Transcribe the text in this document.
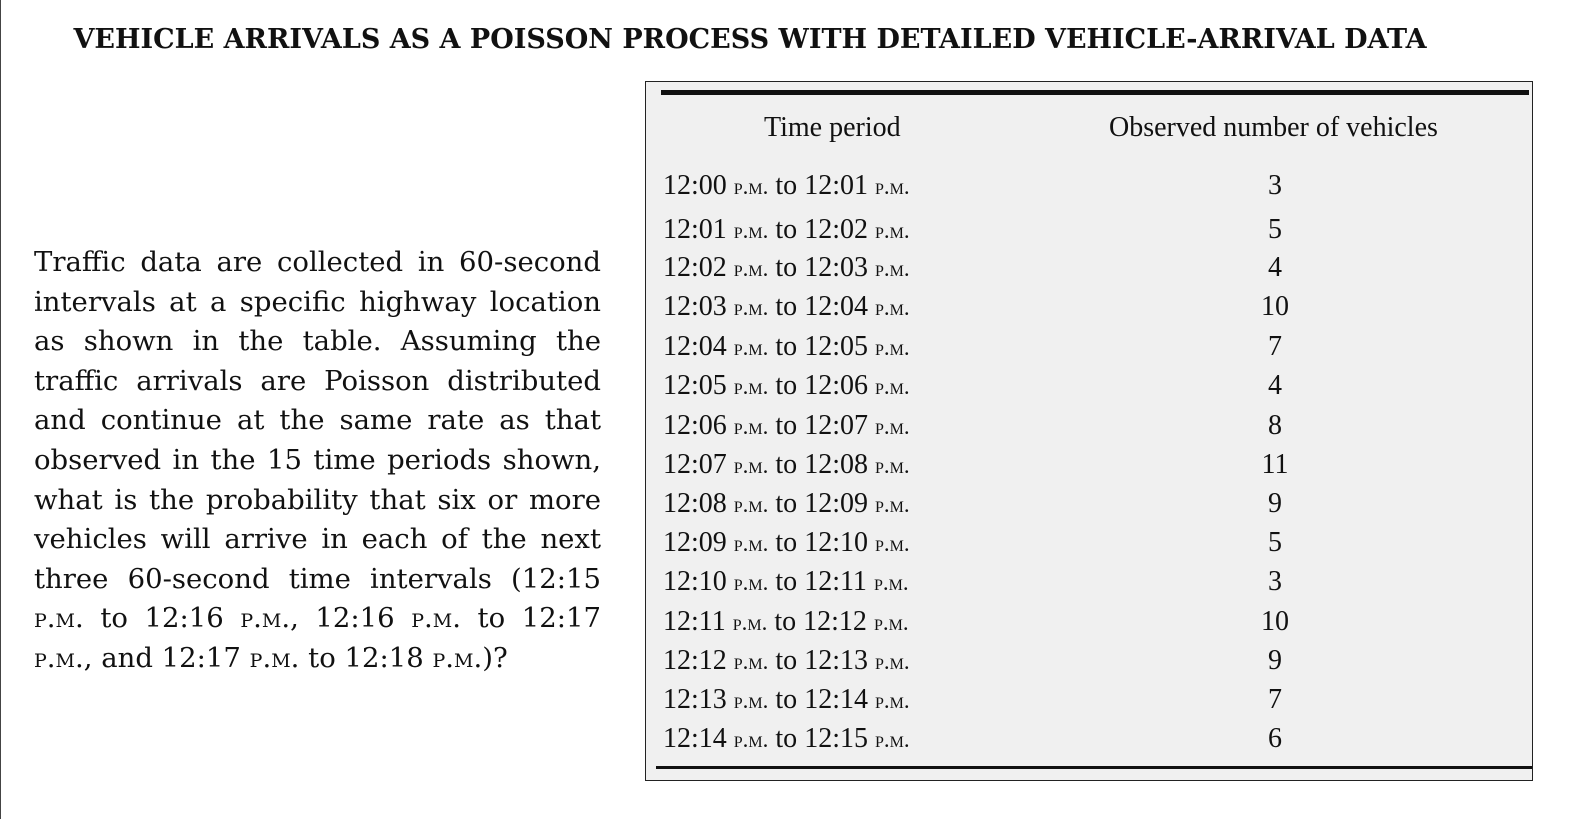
VEHICLE ARRIVALS AS A POISSON PROCESS WITH DETAILED VEHICLE-ARRIVAL DATA
Traffic data are collected in 60-second intervals at a specific highway location as shown in the table. Assuming the traffic arrivals are Poisson distributed and continue at the same rate as that observed in the 15 time periods shown, what is the probability that six or more vehicles will arrive in each of the next three 60-second time intervals (12:15 p.m. to 12:16 p.m., 12:16 p.m. to 12:17 p.m., and 12:17 p.m. to 12:18 p.m.)?
Time period	Observed number of vehicles
12:00 p.m. to 12:01 p.m.	3
12:01 p.m. to 12:02 p.m.	5
12:02 p.m. to 12:03 p.m.	4
12:03 p.m. to 12:04 p.m.	10
12:04 p.m. to 12:05 p.m.	7
12:05 p.m. to 12:06 p.m.	4
12:06 p.m. to 12:07 p.m.	8
12:07 p.m. to 12:08 p.m.	11
12:08 p.m. to 12:09 p.m.	9
12:09 p.m. to 12:10 p.m.	5
12:10 p.m. to 12:11 p.m.	3
12:11 p.m. to 12:12 p.m.	10
12:12 p.m. to 12:13 p.m.	9
12:13 p.m. to 12:14 p.m.	7
12:14 p.m. to 12:15 p.m.	6
